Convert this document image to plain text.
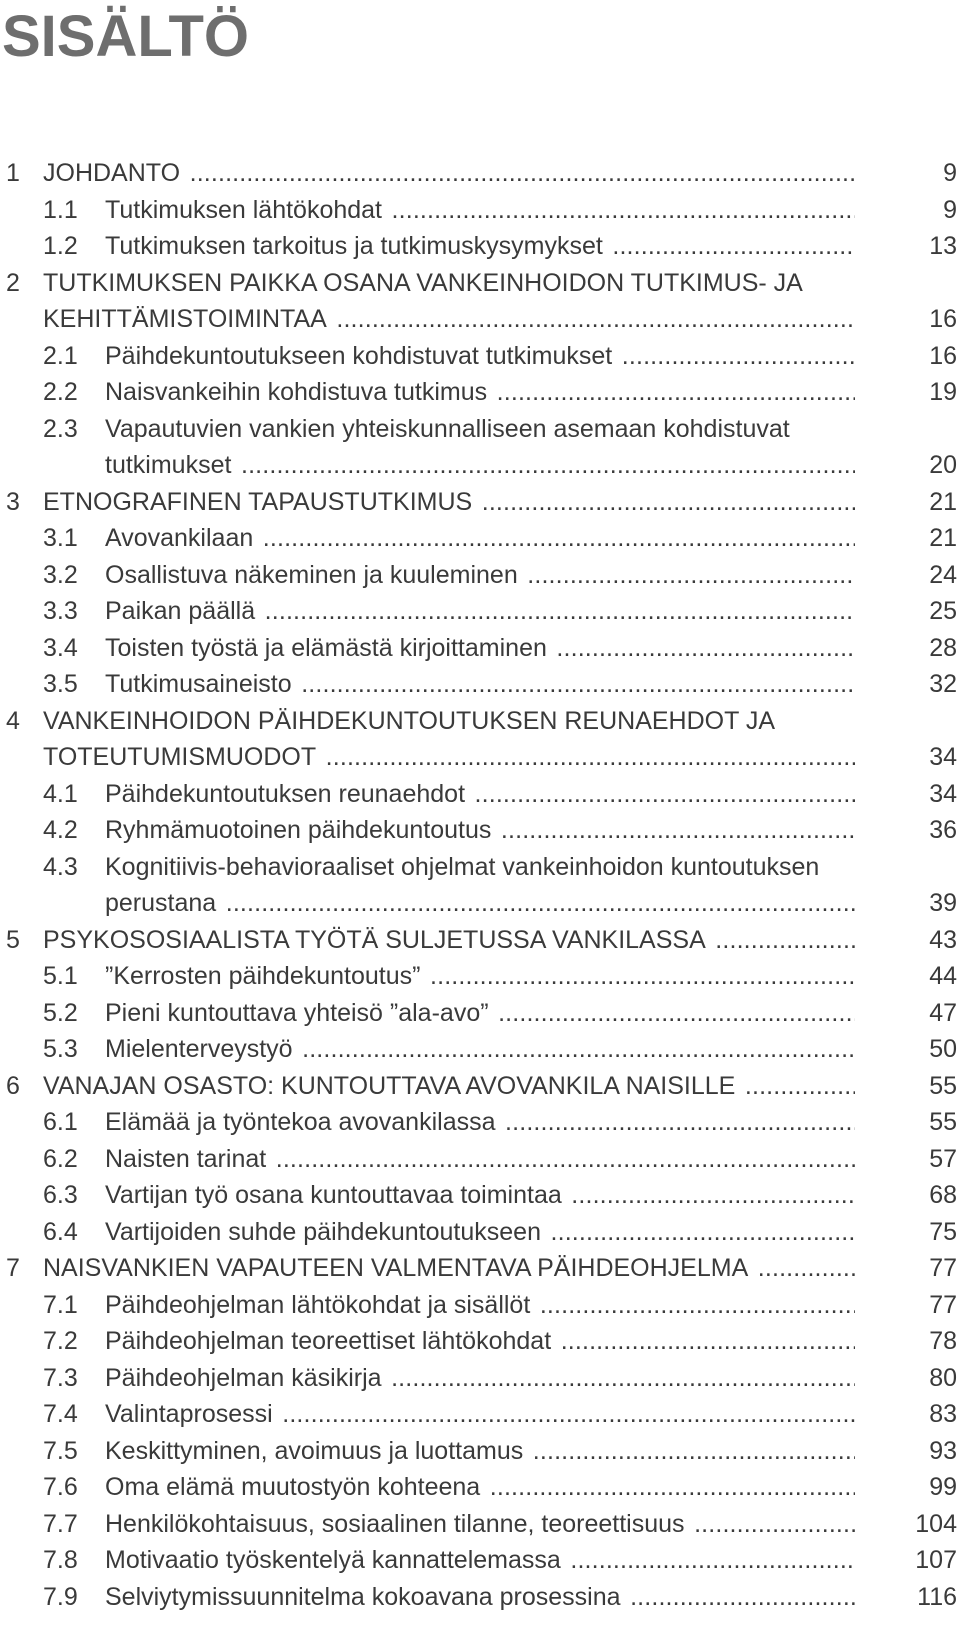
SISÄLTÖ
1 JOHDANTO . . .	9
1.1 Tutkimuksen lähtökohdat . . .	9
1.2 Tutkimuksen tarkoitus ja tutkimuskysymykset . . .	13
2 TUTKIMUKSEN PAIKKA OSANA VANKEINHOIDON TUTKIMUS- JA
KEHITTÄMISTOIMINTAA . . .	16
2.1 Päihdekuntoutukseen kohdistuvat tutkimukset . . .	16
2.2 Naisvankeihin kohdistuva tutkimus . . .	19
2.3 Vapautuvien vankien yhteiskunnalliseen asemaan kohdistuvat
tutkimukset . . .	20
3 ETNOGRAFINEN TAPAUSTUTKIMUS . . .	21
3.1 Avovankilaan . . .	21
3.2 Osallistuva näkeminen ja kuuleminen . . .	24
3.3 Paikan päällä . . .	25
3.4 Toisten työstä ja elämästä kirjoittaminen . . .	28
3.5 Tutkimusaineisto . . .	32
4 VANKEINHOIDON PÄIHDEKUNTOUTUKSEN REUNAEHDOT JA
TOTEUTUMISMUODOT . . .	34
4.1 Päihdekuntoutuksen reunaehdot . . .	34
4.2 Ryhmämuotoinen päihdekuntoutus . . .	36
4.3 Kognitiivis-behavioraaliset ohjelmat vankeinhoidon kuntoutuksen
perustana . . .	39
5 PSYKOSOSIAALISTA TYÖTÄ SULJETUSSA VANKILASSA . . .	43
5.1 ”Kerrosten päihdekuntoutus” . . .	44
5.2 Pieni kuntouttava yhteisö ”ala-avo” . . .	47
5.3 Mielenterveystyö . . .	50
6 VANAJAN OSASTO: KUNTOUTTAVA AVOVANKILA NAISILLE . . .	55
6.1 Elämää ja työntekoa avovankilassa . . .	55
6.2 Naisten tarinat . . .	57
6.3 Vartijan työ osana kuntouttavaa toimintaa . . .	68
6.4 Vartijoiden suhde päihdekuntoutukseen . . .	75
7 NAISVANKIEN VAPAUTEEN VALMENTAVA PÄIHDEOHJELMA . . .	77
7.1 Päihdeohjelman lähtökohdat ja sisällöt . . .	77
7.2 Päihdeohjelman teoreettiset lähtökohdat . . .	78
7.3 Päihdeohjelman käsikirja . . .	80
7.4 Valintaprosessi . . .	83
7.5 Keskittyminen, avoimuus ja luottamus . . .	93
7.6 Oma elämä muutostyön kohteena . . .	99
7.7 Henkilökohtaisuus, sosiaalinen tilanne, teoreettisuus . . .	104
7.8 Motivaatio työskentelyä kannattelemassa . . .	107
7.9 Selviytymissuunnitelma kokoavana prosessina . . .	116
